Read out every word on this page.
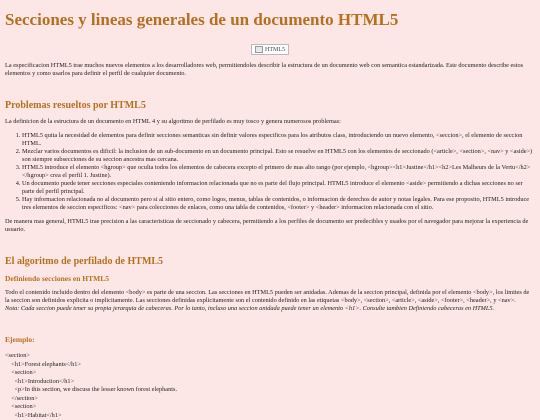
Secciones y lineas generales de un documento HTML5
HTML5

La especificacion HTML5 trae muchos nuevos elementos a los desarrolladores web, permitiendoles describir la estructura de un documento web con semantica estandarizada. Este documento describe estos elementos y como usarlos para definir el perfil de cualquier documento.

Problemas resueltos por HTML5

La definicion de la estructura de un documento en HTML 4 y su algoritmo de perfilado es muy tosco y genera numerosos problemas:

1. HTML5 quita la necesidad de elementos para definir secciones semanticas sin definir valores especificos para los atributos class, introduciendo un nuevo elemento, <seccion>, el elemento de seccion HTML.
2. Mezclar varios documentos es dificil: la inclusion de un sub-documento en un documento principal. Esto se resuelve en HTML5 con los elementos de seccionado (<article>, <section>, <nav> y <aside>) son siempre subsecciones de su seccion ancestra mas cercana.
3. HTML5 introduce el elemento <hgroup> que oculta todos los elementos de cabecera excepto el primero de mas alto rango (por ejemplo, <hgroup><h1>Justine</h1><h2>Les Malheurs de la Vertu</h2></hgroup> crea el perfil 1. Justine).
4. Un documento puede tener secciones especiales conteniendo informacion relacionada que no es parte del flujo principal. HTML5 introduce el elemento <aside> permitiendo a dichas secciones no ser parte del perfil principal.
5. Hay informacion relacionada no al documento pero si al sitio entero, como logos, menus, tablas de contenidos, o informacion de derechos de autor y notas legales. Para ese proposito, HTML5 introduce tres elementos de seccion especificos: <nav> para colecciones de enlaces, como una tabla de contenidos, <footer> y <header> informacion relacionada con el sitio.

De manera mas general, HTML5 trae precision a las caracteristicas de seccionado y cabecera, permitiendo a los perfiles de documento ser predecibles y usados por el navegador para mejorar la experiencia de usuario.

El algoritmo de perfilado de HTML5
Definiendo secciones en HTML5

Todo el contenido incluido dentro del elemento <body> es parte de una seccion. Las secciones en HTML5 pueden ser anidadas. Ademas de la seccion principal, definida por el elemento <body>, los limites de la seccion son definidos explicita o implicitamente. Las secciones definidas explicitamente son el contenido definido en las etiquetas <body>, <section>, <article>, <aside>, <footer>, <header>, y <nav>.

Nota: Cada seccion puede tener su propia jerarquia de cabeceras. Por lo tanto, incluso una seccion anidada puede tener un elemento <h1>. Consulte tambien Definiendo cabeceras en HTML5.

Ejemplo:
<section>
<h1>Forest elephants</h1>
<section>
<h1>Introduction</h1>
<p>In this section, we discuss the lesser known forest elephants.
</section>
<section>
<h1>Habitat</h1>
